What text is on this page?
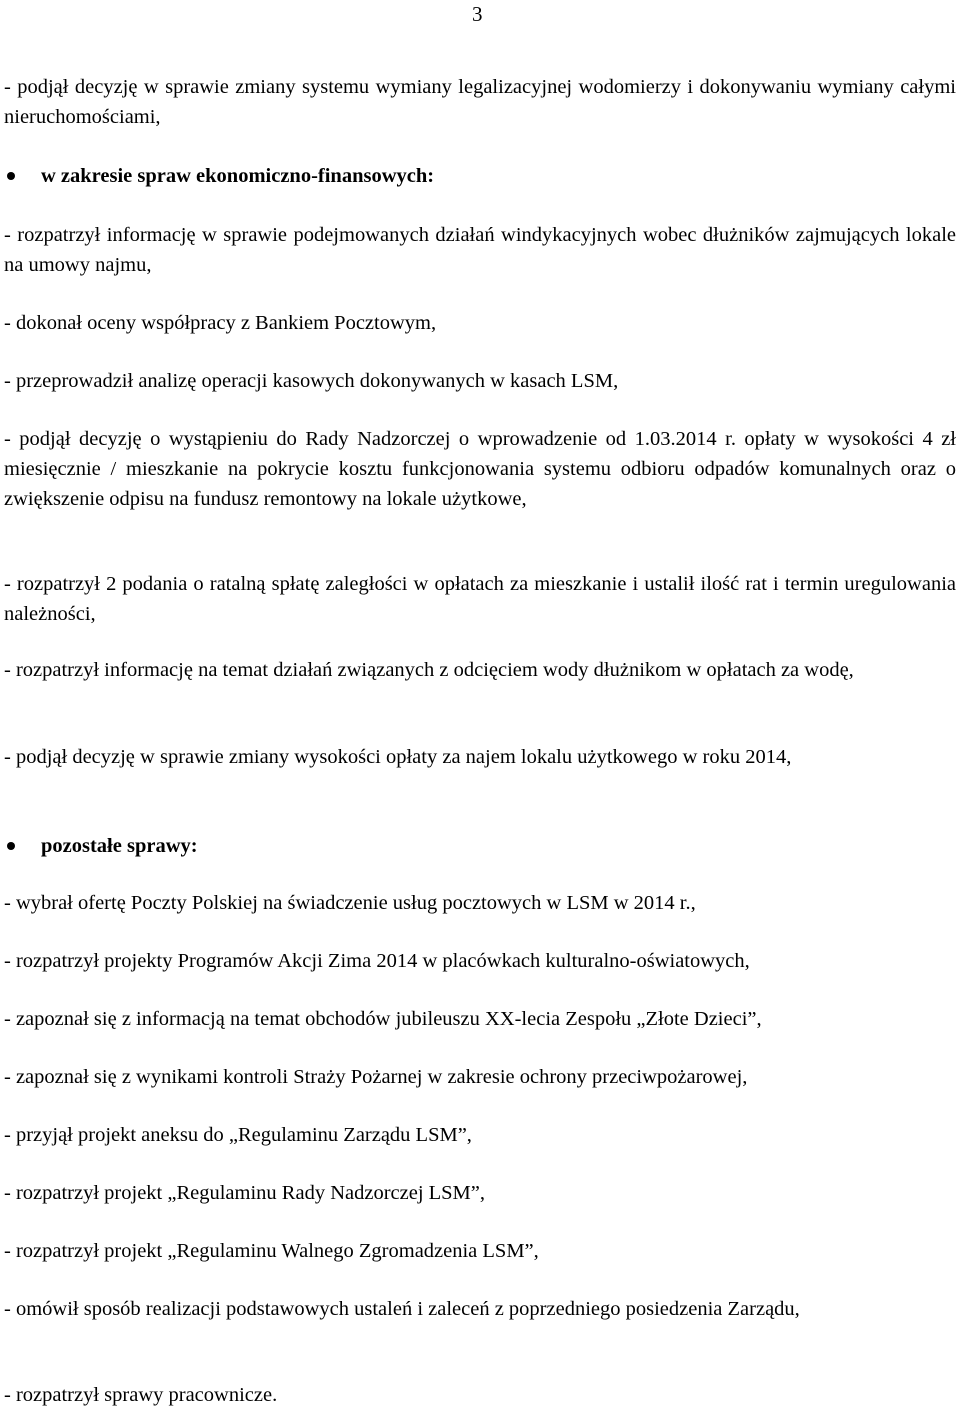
3

- podjął decyzję w sprawie zmiany systemu wymiany legalizacyjnej wodomierzy i dokonywaniu wymiany całymi nieruchomościami,

w zakresie spraw ekonomiczno-finansowych:

- rozpatrzył informację w sprawie podejmowanych działań windykacyjnych wobec dłużników zajmujących lokale na umowy najmu,

- dokonał oceny współpracy z Bankiem Pocztowym,

- przeprowadził analizę operacji kasowych dokonywanych w kasach LSM,

- podjął decyzję o wystąpieniu do Rady Nadzorczej o wprowadzenie od 1.03.2014 r. opłaty w wysokości 4 zł miesięcznie / mieszkanie na pokrycie kosztu funkcjonowania systemu odbioru odpadów komunalnych oraz o zwiększenie odpisu na fundusz remontowy na lokale użytkowe,

- rozpatrzył 2 podania o ratalną spłatę zaległości w opłatach za mieszkanie i ustalił ilość rat i termin uregulowania należności,

- rozpatrzył informację na temat działań związanych z odcięciem wody dłużnikom w opłatach za wodę,

- podjął decyzję w sprawie zmiany wysokości opłaty za najem lokalu użytkowego w roku 2014,

pozostałe sprawy:

- wybrał ofertę Poczty Polskiej na świadczenie usług pocztowych w LSM w 2014 r.,

- rozpatrzył projekty Programów Akcji Zima 2014 w placówkach kulturalno-oświatowych,

- zapoznał się z informacją na temat obchodów jubileuszu XX-lecia Zespołu „Złote Dzieci”,

- zapoznał się z wynikami kontroli Straży Pożarnej w zakresie ochrony przeciwpożarowej,

- przyjął projekt aneksu do „Regulaminu Zarządu LSM”,

- rozpatrzył projekt „Regulaminu Rady Nadzorczej LSM”,

- rozpatrzył projekt „Regulaminu Walnego Zgromadzenia LSM”,

- omówił sposób realizacji podstawowych ustaleń i zaleceń z poprzedniego posiedzenia Zarządu,

- rozpatrzył sprawy pracownicze.
